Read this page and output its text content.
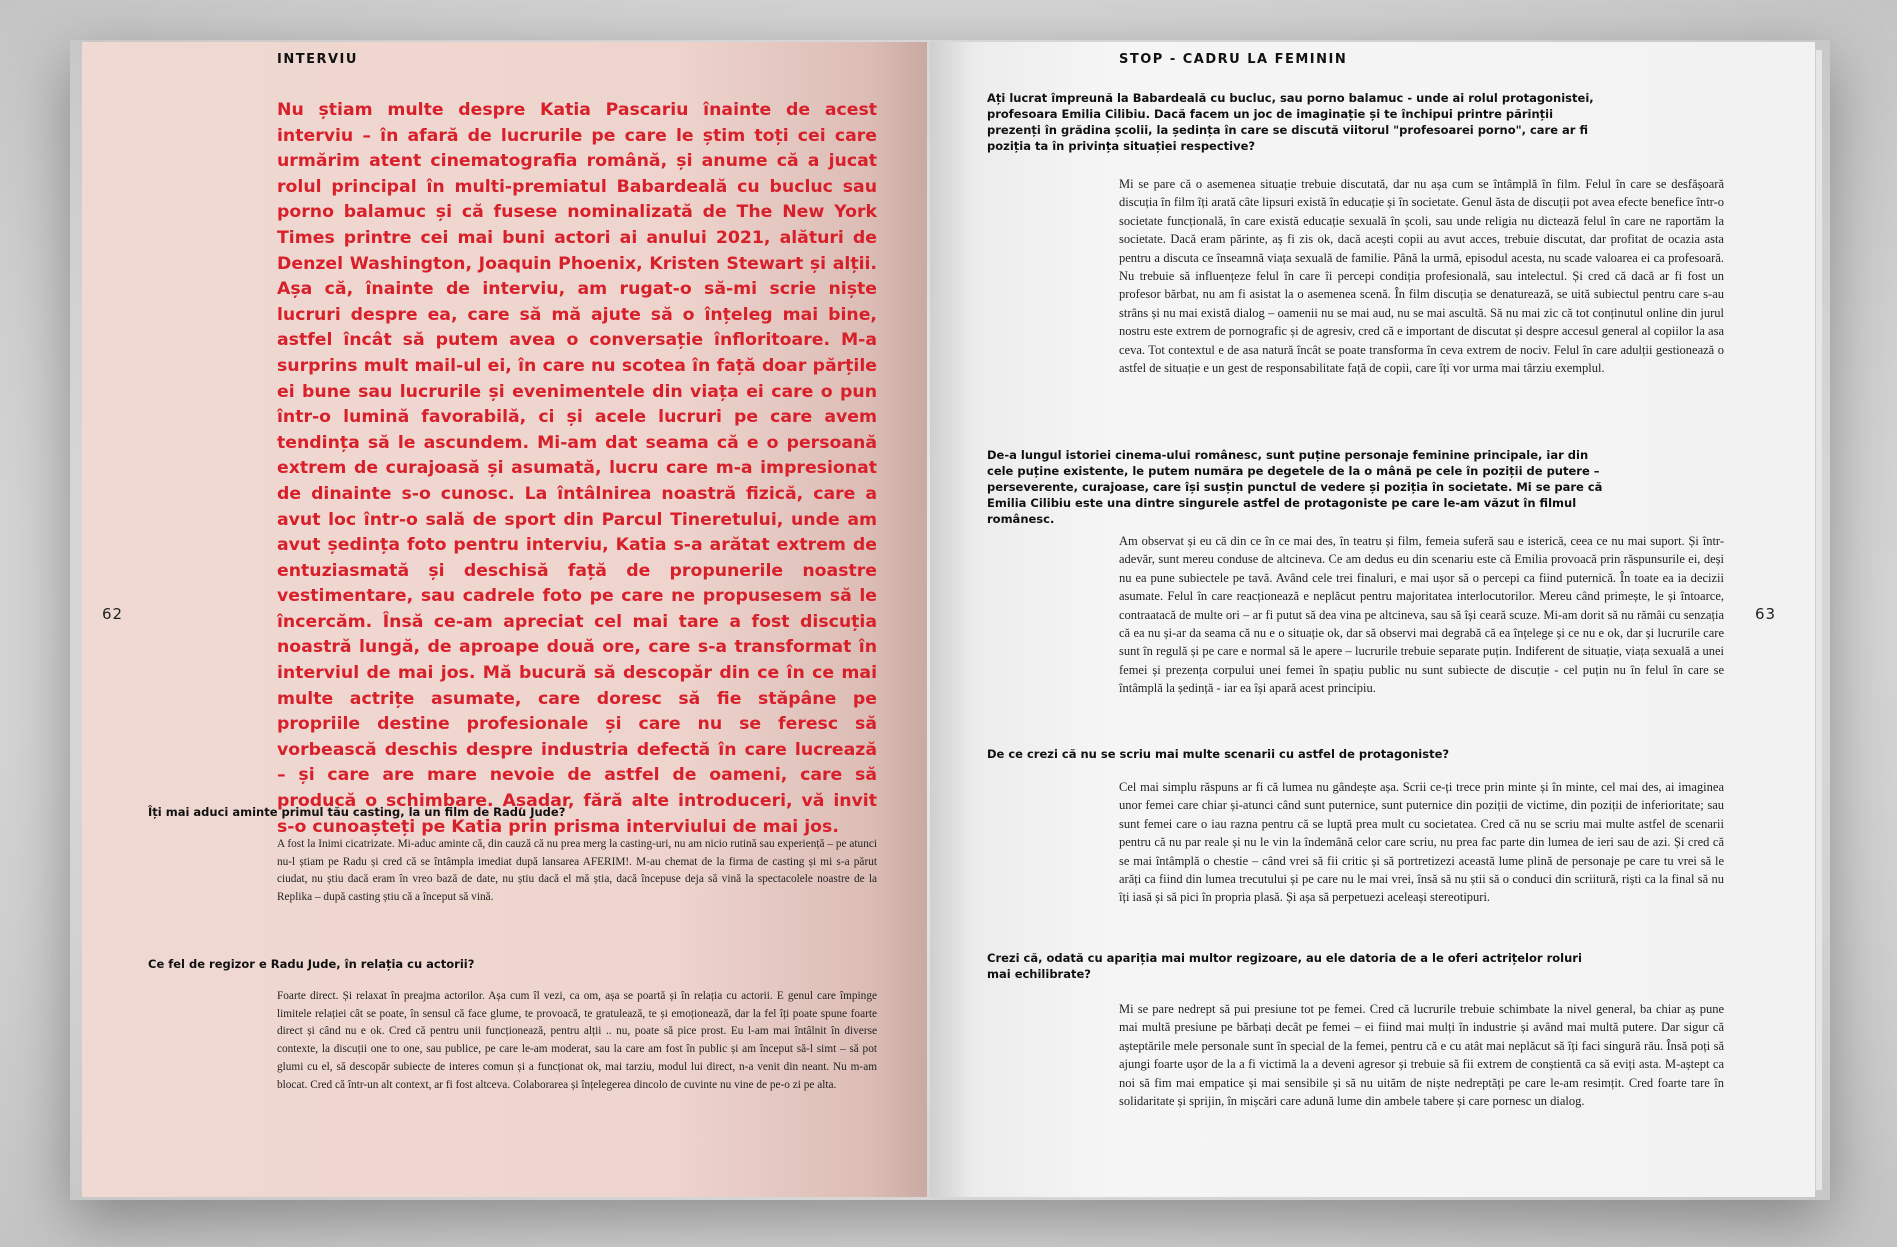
INTERVIU
62
Nu știam multe despre Katia Pascariu înainte de acest interviu – în afară de lucrurile pe care le știm toți cei care urmărim atent cinematografia română, și anume că a jucat rolul principal în multi-premiatul Babardeală cu bucluc sau porno balamuc și că fusese nominalizată de The New York Times printre cei mai buni actori ai anului 2021, alături de Denzel Washington, Joaquin Phoenix, Kristen Stewart și alții. Așa că, înainte de interviu, am rugat-o să-mi scrie niște lucruri despre ea, care să mă ajute să o înțeleg mai bine, astfel încât să putem avea o conversație înfloritoare. M-a surprins mult mail-ul ei, în care nu scotea în față doar părțile ei bune sau lucrurile și evenimentele din viața ei care o pun într-o lumină favorabilă, ci și acele lucruri pe care avem tendința să le ascundem. Mi-am dat seama că e o persoană extrem de curajoasă și asumată, lucru care m-a impresionat de dinainte s-o cunosc. La întâlnirea noastră fizică, care a avut loc într-o sală de sport din Parcul Tineretului, unde am avut ședința foto pentru interviu, Katia s-a arătat extrem de entuziasmată și deschisă față de propunerile noastre vestimentare, sau cadrele foto pe care ne propusesem să le încercăm. Însă ce-am apreciat cel mai tare a fost discuția noastră lungă, de aproape două ore, care s-a transformat în interviul de mai jos. Mă bucură să descopăr din ce în ce mai multe actrițe asumate, care doresc să fie stăpâne pe propriile destine profesionale și care nu se feresc să vorbească deschis despre industria defectă în care lucrează – și care are mare nevoie de astfel de oameni, care să producă o schimbare. Așadar, fără alte introduceri, vă invit s-o cunoașteți pe Katia prin prisma interviului de mai jos.
Îți mai aduci aminte primul tău casting, la un film de Radu Jude?
A fost la Inimi cicatrizate. Mi-aduc aminte că, din cauză că nu prea merg la casting-uri, nu am nicio rutină sau experiență – pe atunci nu-l știam pe Radu și cred că se întâmpla imediat după lansarea AFERIM!. M-au chemat de la firma de casting și mi s-a părut ciudat, nu știu dacă eram în vreo bază de date, nu știu dacă el mă știa, dacă începuse deja să vină la spectacolele noastre de la Replika – după casting știu că a început să vină.
Ce fel de regizor e Radu Jude, în relația cu actorii?
Foarte direct. Și relaxat în preajma actorilor. Așa cum îl vezi, ca om, așa se poartă și în relația cu actorii. E genul care împinge limitele relației cât se poate, în sensul că face glume, te provoacă, te gratulează, te și emoționează, dar la fel îți poate spune foarte direct și când nu e ok. Cred că pentru unii funcționează, pentru alții .. nu, poate să pice prost. Eu l-am mai întâlnit în diverse contexte, la discuții one to one, sau publice, pe care le-am moderat, sau la care am fost în public și am început să-l simt – să pot glumi cu el, să descopăr subiecte de interes comun și a funcționat ok, mai tarziu, modul lui direct, n-a venit din neant. Nu m-am blocat. Cred că într-un alt context, ar fi fost altceva. Colaborarea și înțelegerea dincolo de cuvinte nu vine de pe-o zi pe alta.
STOP - CADRU LA FEMININ
63
Ați lucrat împreună la Babardeală cu bucluc, sau porno balamuc - unde ai rolul protagonistei, profesoara Emilia Cilibiu. Dacă facem un joc de imaginație și te închipui printre părinții prezenți în grădina școlii, la ședința în care se discută viitorul "profesoarei porno", care ar fi poziția ta în privința situației respective?
Mi se pare că o asemenea situație trebuie discutată, dar nu așa cum se întâmplă în film. Felul în care se desfășoară discuția în film îți arată câte lipsuri există în educație și în societate. Genul ăsta de discuții pot avea efecte benefice într-o societate funcțională, în care există educație sexuală în școli, sau unde religia nu dictează felul în care ne raportăm la societate. Dacă eram părinte, aș fi zis ok, dacă acești copii au avut acces, trebuie discutat, dar profitat de ocazia asta pentru a discuta ce înseamnă viața sexuală de familie. Până la urmă, episodul acesta, nu scade valoarea ei ca profesoară. Nu trebuie să influențeze felul în care îi percepi condiția profesională, sau intelectul. Și cred că dacă ar fi fost un profesor bărbat, nu am fi asistat la o asemenea scenă. În film discuția se denaturează, se uită subiectul pentru care s-au strâns și nu mai există dialog – oamenii nu se mai aud, nu se mai ascultă. Să nu mai zic că tot conținutul online din jurul nostru este extrem de pornografic și de agresiv, cred că e important de discutat și despre accesul general al copiilor la asa ceva. Tot contextul e de asa natură încât se poate transforma în ceva extrem de nociv. Felul în care adulții gestionează o astfel de situație e un gest de responsabilitate față de copii, care îți vor urma mai târziu exemplul.
De-a lungul istoriei cinema-ului românesc, sunt puține personaje feminine principale, iar din cele puține existente, le putem număra pe degetele de la o mână pe cele în poziții de putere – perseverente, curajoase, care își susțin punctul de vedere și poziția în societate. Mi se pare că Emilia Cilibiu este una dintre singurele astfel de protagoniste pe care le-am văzut în filmul românesc.
Am observat și eu că din ce în ce mai des, în teatru și film, femeia suferă sau e isterică, ceea ce nu mai suport. Și într-adevăr, sunt mereu conduse de altcineva. Ce am dedus eu din scenariu este că Emilia provoacă prin răspunsurile ei, deși nu ea pune subiectele pe tavă. Având cele trei finaluri, e mai ușor să o percepi ca fiind puternică. În toate ea ia decizii asumate. Felul în care reacționează e neplăcut pentru majoritatea interlocutorilor. Mereu când primește, le și întoarce, contraatacă de multe ori – ar fi putut să dea vina pe altcineva, sau să își ceară scuze. Mi-am dorit să nu rămâi cu senzația că ea nu și-ar da seama că nu e o situație ok, dar să observi mai degrabă că ea înțelege și ce nu e ok, dar și lucrurile care sunt în regulă și pe care e normal să le apere – lucrurile trebuie separate puțin. Indiferent de situație, viața sexuală a unei femei și prezența corpului unei femei în spațiu public nu sunt subiecte de discuție - cel puțin nu în felul în care se întâmplă la ședință - iar ea își apară acest principiu.
De ce crezi că nu se scriu mai multe scenarii cu astfel de protagoniste?
Cel mai simplu răspuns ar fi că lumea nu gândește așa. Scrii ce-ți trece prin minte și în minte, cel mai des, ai imaginea unor femei care chiar și-atunci când sunt puternice, sunt puternice din poziții de victime, din poziții de inferioritate; sau sunt femei care o iau razna pentru că se luptă prea mult cu societatea. Cred că nu se scriu mai multe astfel de scenarii pentru că nu par reale și nu le vin la îndemână celor care scriu, nu prea fac parte din lumea de ieri sau de azi. Și cred că se mai întâmplă o chestie – când vrei să fii critic și să portretizezi această lume plină de personaje pe care tu vrei să le arăți ca fiind din lumea trecutului și pe care nu le mai vrei, însă să nu știi să o conduci din scriitură, riști ca la final să nu îți iasă și să pici în propria plasă. Și așa să perpetuezi aceleași stereotipuri.
Crezi că, odată cu apariția mai multor regizoare, au ele datoria de a le oferi actrițelor roluri mai echilibrate?
Mi se pare nedrept să pui presiune tot pe femei. Cred că lucrurile trebuie schimbate la nivel general, ba chiar aș pune mai multă presiune pe bărbați decât pe femei – ei fiind mai mulți în industrie și având mai multă putere. Dar sigur că așteptările mele personale sunt în special de la femei, pentru că e cu atât mai neplăcut să îți faci singură rău. Însă poți să ajungi foarte ușor de la a fi victimă la a deveni agresor și trebuie să fii extrem de conștientă ca să eviți asta. M-aștept ca noi să fim mai empatice și mai sensibile și să nu uităm de niște nedreptăți pe care le-am resimțit. Cred foarte tare în solidaritate și sprijin, în mișcări care adună lume din ambele tabere și care pornesc un dialog.
